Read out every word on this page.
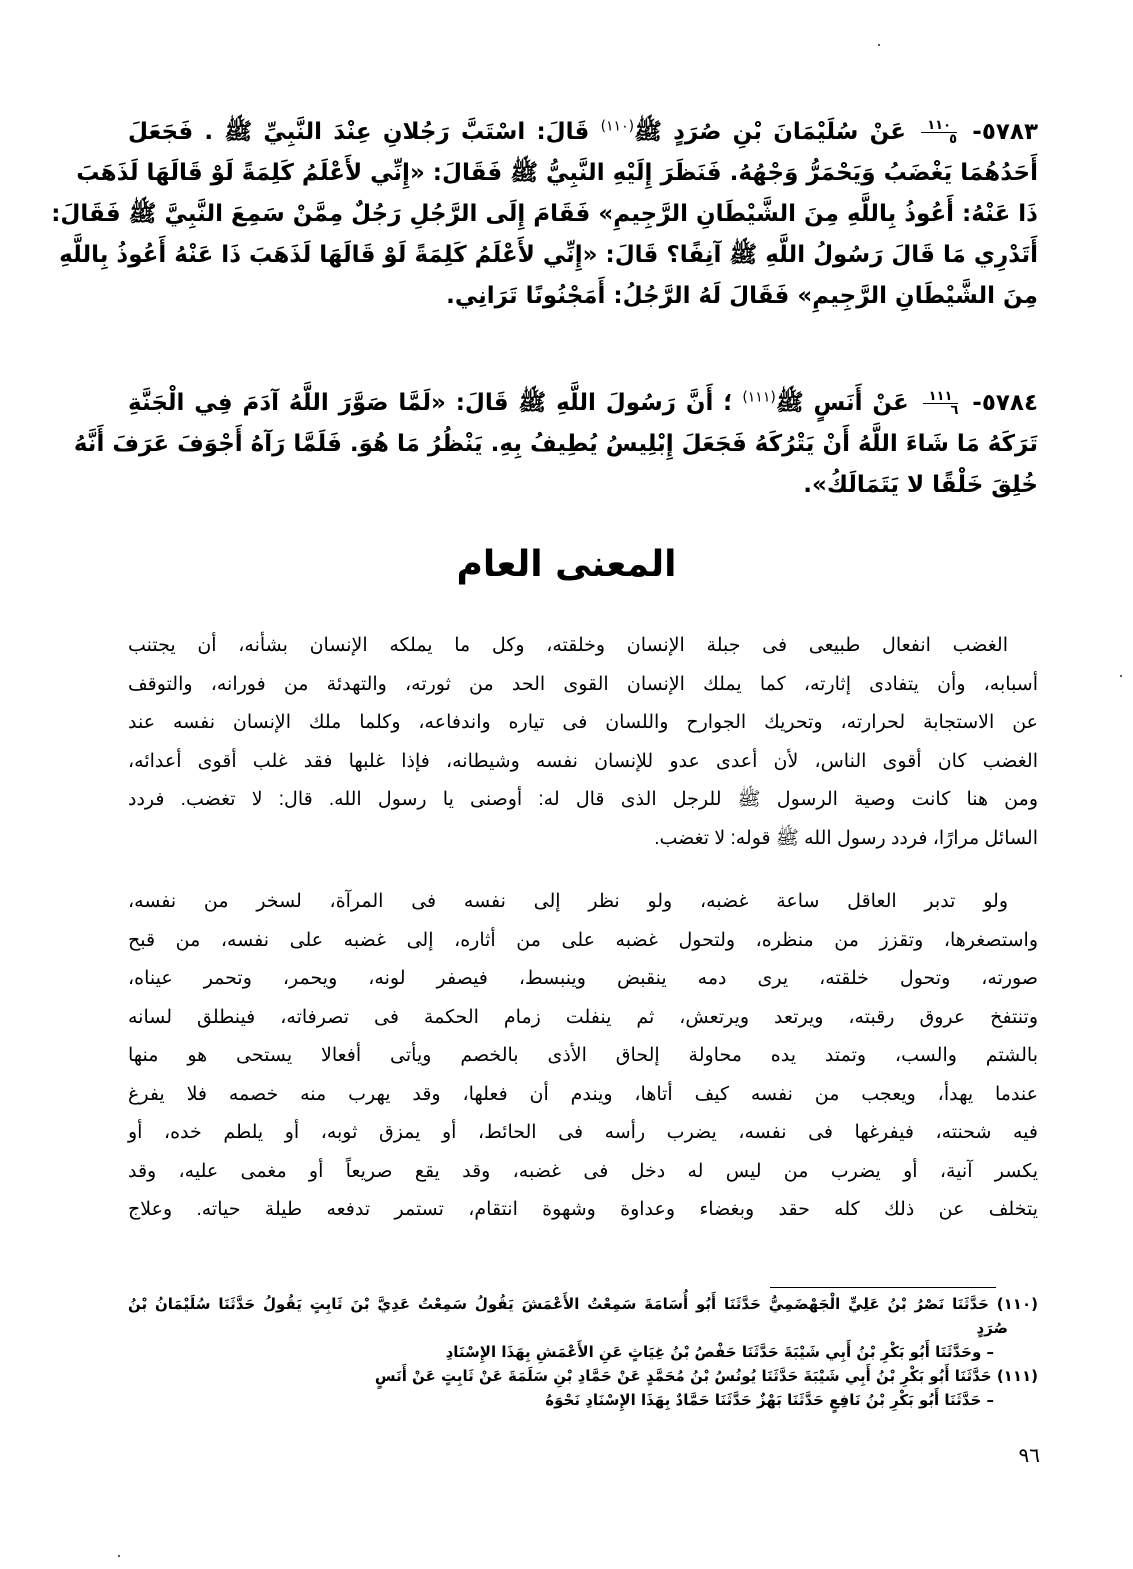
٥٧٨٣-
$\frac{١١٠}{٥}$
عَنْ سُلَيْمَانَ بْنِ صُرَدٍ ﷺ$^{(١١٠)}$ قَالَ: اسْتَبَّ رَجُلانِ عِنْدَ النَّبِيِّ ﷺ . فَجَعَلَ
أَحَدُهُمَا يَغْضَبُ وَيَحْمَرُّ وَجْهُهُ. فَنَظَرَ إِلَيْهِ النَّبِيُّ ﷺ فَقَالَ: «إِنِّي لأَعْلَمُ كَلِمَةً لَوْ قَالَهَا لَذَهَبَ
ذَا عَنْهُ: أَعُوذُ بِاللَّهِ مِنَ الشَّيْطَانِ الرَّجِيمِ» فَقَامَ إِلَى الرَّجُلِ رَجُلٌ مِمَّنْ سَمِعَ النَّبِيَّ ﷺ فَقَالَ:
أَتَدْرِي مَا قَالَ رَسُولُ اللَّهِ ﷺ آنِفًا؟ قَالَ: «إِنِّي لأَعْلَمُ كَلِمَةً لَوْ قَالَهَا لَذَهَبَ ذَا عَنْهُ أَعُوذُ بِاللَّهِ
مِنَ الشَّيْطَانِ الرَّجِيمِ» فَقَالَ لَهُ الرَّجُلُ: أَمَجْنُونًا تَرَانِي.
٥٧٨٤-
$\frac{١١١}{٦}$
عَنْ أَنَسٍ ﷺ$^{(١١١)}$ ؛ أَنَّ رَسُولَ اللَّهِ ﷺ قَالَ: «لَمَّا صَوَّرَ اللَّهُ آدَمَ فِي الْجَنَّةِ
تَرَكَهُ مَا شَاءَ اللَّهُ أَنْ يَتْرُكَهُ فَجَعَلَ إِبْلِيسُ يُطِيفُ بِهِ. يَنْظُرُ مَا هُوَ. فَلَمَّا رَآهُ أَجْوَفَ عَرَفَ أَنَّهُ
خُلِقَ خَلْقًا لا يَتَمَالَكُ».
المعنى العام
الغضب انفعال طبيعى فى جبلة الإنسان وخلقته، وكل ما يملكه الإنسان بشأنه، أن يجتنب
أسبابه، وأن يتفادى إثارته، كما يملك الإنسان القوى الحد من ثورته، والتهدئة من فورانه، والتوقف
عن الاستجابة لحرارته، وتحريك الجوارح واللسان فى تياره واندفاعه، وكلما ملك الإنسان نفسه عند
الغضب كان أقوى الناس، لأن أعدى عدو للإنسان نفسه وشيطانه، فإذا غلبها فقد غلب أقوى أعدائه،
ومن هنا كانت وصية الرسول ﷺ للرجل الذى قال له: أوصنى يا رسول الله. قال: لا تغضب. فردد
السائل مرارًا، فردد رسول الله ﷺ قوله: لا تغضب.
ولو تدبر العاقل ساعة غضبه، ولو نظر إلى نفسه فى المرآة، لسخر من نفسه،
واستصغرها، وتقزز من منظره، ولتحول غضبه على من أثاره، إلى غضبه على نفسه، من قبح
صورته، وتحول خلقته، يرى دمه ينقبض وينبسط، فيصفر لونه، ويحمر، وتحمر عيناه،
وتنتفخ عروق رقبته، ويرتعد ويرتعش، ثم ينفلت زمام الحكمة فى تصرفاته، فينطلق لسانه
بالشتم والسب، وتمتد يده محاولة إلحاق الأذى بالخصم ويأتى أفعالا يستحى هو منها
عندما يهدأ، ويعجب من نفسه كيف أتاها، ويندم أن فعلها، وقد يهرب منه خصمه فلا يفرغ
فيه شحنته، فيفرغها فى نفسه، يضرب رأسه فى الحائط، أو يمزق ثوبه، أو يلطم خده، أو
يكسر آنية، أو يضرب من ليس له دخل فى غضبه، وقد يقع صريعاً أو مغمى عليه، وقد
يتخلف عن ذلك كله حقد وبغضاء وعداوة وشهوة انتقام، تستمر تدفعه طيلة حياته. وعلاج
(١١٠) حَدَّثَنَا نَصْرُ بْنُ عَلِيٍّ الْجَهْضَمِيُّ حَدَّثَنَا أَبُو أُسَامَةَ سَمِعْتُ الأَعْمَشَ يَقُولُ سَمِعْتُ عَدِيَّ بْنَ ثَابِتٍ يَقُولُ حَدَّثَنَا سُلَيْمَانُ بْنُ
صُرَدٍ
– وحَدَّثَنَا أَبُو بَكْرِ بْنُ أَبِي شَيْبَةَ حَدَّثَنَا حَفْصُ بْنُ غِيَاثٍ عَنِ الأَعْمَشِ بِهَذَا الإِسْنَادِ
(١١١) حَدَّثَنَا أَبُو بَكْرِ بْنُ أَبِي شَيْبَةَ حَدَّثَنَا يُونُسُ بْنُ مُحَمَّدٍ عَنْ حَمَّادِ بْنِ سَلَمَةَ عَنْ ثَابِتٍ عَنْ أَنَسٍ
– حَدَّثَنَا أَبُو بَكْرِ بْنُ نَافِعٍ حَدَّثَنَا بَهْزٌ حَدَّثَنَا حَمَّادٌ بِهَذَا الإِسْنَادِ نَحْوَهُ
٩٦
